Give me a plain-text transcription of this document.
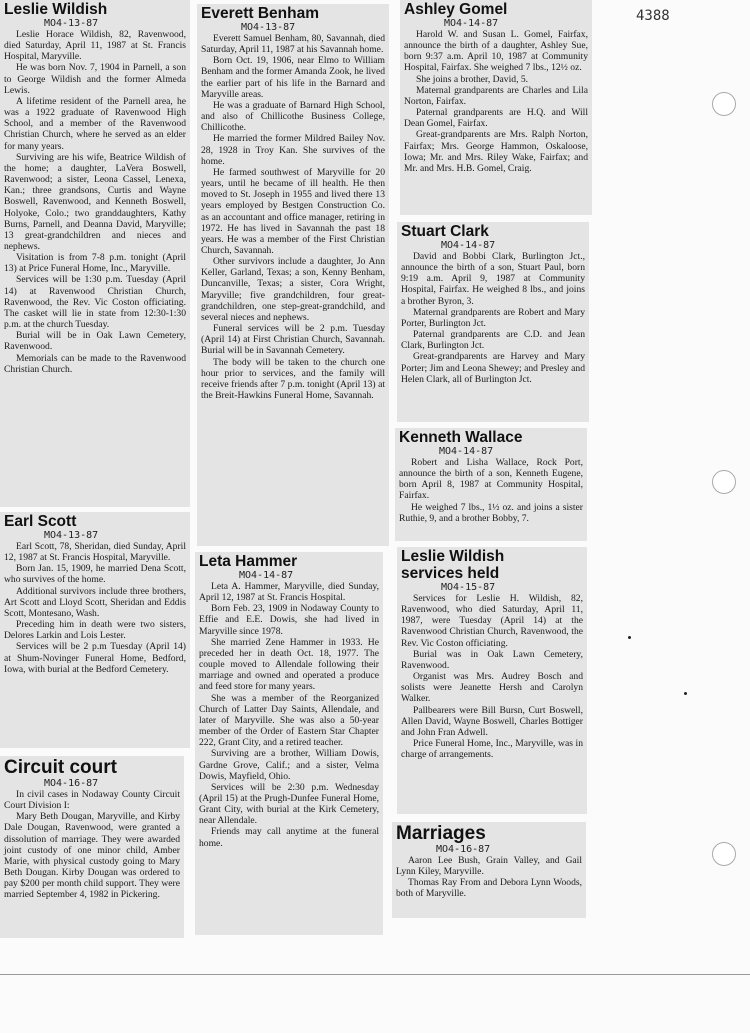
4388
Leslie Wildish
MO4-13-87

Leslie Horace Wildish, 82, Ravenwood, died Saturday, April 11, 1987 at St. Francis Hospital, Maryville.

He was born Nov. 7, 1904 in Parnell, a son to George Wildish and the former Almeda Lewis.

A lifetime resident of the Parnell area, he was a 1922 graduate of Ravenwood High School, and a member of the Ravenwood Christian Church, where he served as an elder for many years.

Surviving are his wife, Beatrice Wildish of the home; a daughter, LaVera Boswell, Ravenwood; a sister, Leona Cassel, Lenexa, Kan.; three grandsons, Curtis and Wayne Boswell, Ravenwood, and Kenneth Boswell, Holyoke, Colo.; two granddaughters, Kathy Burns, Parnell, and Deanna David, Maryville; 13 great-grandchildren and nieces and nephews.

Visitation is from 7-8 p.m. tonight (April 13) at Price Funeral Home, Inc., Maryville.

Services will be 1:30 p.m. Tuesday (April 14) at Ravenwood Christian Church, Ravenwood, the Rev. Vic Coston officiating. The casket will lie in state from 12:30-1:30 p.m. at the church Tuesday.

Burial will be in Oak Lawn Cemetery, Ravenwood.

Memorials can be made to the Ravenwood Christian Church.

Earl Scott
MO4-13-87

Earl Scott, 78, Sheridan, died Sunday, April 12, 1987 at St. Francis Hospital, Maryville.

Born Jan. 15, 1909, he married Dena Scott, who survives of the home.

Additional survivors include three brothers, Art Scott and Lloyd Scott, Sheridan and Eddis Scott, Montesano, Wash.

Preceding him in death were two sisters, Delores Larkin and Lois Lester.

Services will be 2 p.m Tuesday (April 14) at Shum-Novinger Funeral Home, Bedford, Iowa, with burial at the Bedford Cemetery.

Circuit court
MO4-16-87

In civil cases in Nodaway County Circuit Court Division I:

Mary Beth Dougan, Maryville, and Kirby Dale Dougan, Ravenwood, were granted a dissolution of marriage. They were awarded joint custody of one minor child, Amber Marie, with physical custody going to Mary Beth Dougan. Kirby Dougan was ordered to pay $200 per month child support. They were married September 4, 1982 in Pickering.

Everett Benham
MO4-13-87

Everett Samuel Benham, 80, Savannah, died Saturday, April 11, 1987 at his Savannah home.

Born Oct. 19, 1906, near Elmo to William Benham and the former Amanda Zook, he lived the earlier part of his life in the Barnard and Maryville areas.

He was a graduate of Barnard High School, and also of Chillicothe Business College, Chillicothe.

He married the former Mildred Bailey Nov. 28, 1928 in Troy Kan. She survives of the home.

He farmed southwest of Maryville for 20 years, until he became of ill health. He then moved to St. Joseph in 1955 and lived there 13 years employed by Bestgen Construction Co. as an accountant and office manager, retiring in 1972. He has lived in Savannah the past 18 years. He was a member of the First Christian Church, Savannah.

Other survivors include a daughter, Jo Ann Keller, Garland, Texas; a son, Kenny Benham, Duncanville, Texas; a sister, Cora Wright, Maryville; five grandchildren, four great-grandchildren, one step-great-grandchild, and several nieces and nephews.

Funeral services will be 2 p.m. Tuesday (April 14) at First Christian Church, Savannah. Burial will be in Savannah Cemetery.

The body will be taken to the church one hour prior to services, and the family will receive friends after 7 p.m. tonight (April 13) at the Breit-Hawkins Funeral Home, Savannah.

Leta Hammer
MO4-14-87

Leta A. Hammer, Maryville, died Sunday, April 12, 1987 at St. Francis Hospital.

Born Feb. 23, 1909 in Nodaway County to Effie and E.E. Dowis, she had lived in Maryville since 1978.

She married Zene Hammer in 1933. He preceded her in death Oct. 18, 1977. The couple moved to Allendale following their marriage and owned and operated a produce and feed store for many years.

She was a member of the Reorganized Church of Latter Day Saints, Allendale, and later of Maryville. She was also a 50-year member of the Order of Eastern Star Chapter 222, Grant City, and a retired teacher.

Surviving are a brother, William Dowis, Gardne Grove, Calif.; and a sister, Velma Dowis, Mayfield, Ohio.

Services will be 2:30 p.m. Wednesday (April 15) at the Prugh-Dunfee Funeral Home, Grant City, with burial at the Kirk Cemetery, near Allendale.

Friends may call anytime at the funeral home.

Ashley Gomel
MO4-14-87

Harold W. and Susan L. Gomel, Fairfax, announce the birth of a daughter, Ashley Sue, born 9:37 a.m. April 10, 1987 at Community Hospital, Fairfax. She weighed 7 lbs., 12½ oz.

She joins a brother, David, 5.

Maternal grandparents are Charles and Lila Norton, Fairfax.

Paternal grandparents are H.Q. and Will Dean Gomel, Fairfax.

Great-grandparents are Mrs. Ralph Norton, Fairfax; Mrs. George Hammon, Oskaloose, Iowa; Mr. and Mrs. Riley Wake, Fairfax; and Mr. and Mrs. H.B. Gomel, Craig.

Stuart Clark
MO4-14-87

David and Bobbi Clark, Burlington Jct., announce the birth of a son, Stuart Paul, born 9:19 a.m. April 9, 1987 at Community Hospital, Fairfax. He weighed 8 lbs., and joins a brother Byron, 3.

Maternal grandparents are Robert and Mary Porter, Burlington Jct.

Paternal grandparents are C.D. and Jean Clark, Burlington Jct.

Great-grandparents are Harvey and Mary Porter; Jim and Leona Shewey; and Presley and Helen Clark, all of Burlington Jct.

Kenneth Wallace
MO4-14-87

Robert and Lisha Wallace, Rock Port, announce the birth of a son, Kenneth Eugene, born April 8, 1987 at Community Hospital, Fairfax.

He weighed 7 lbs., 1½ oz. and joins a sister Ruthie, 9, and a brother Bobby, 7.

Leslie Wildish
services held
MO4-15-87

Services for Leslie H. Wildish, 82, Ravenwood, who died Saturday, April 11, 1987, were Tuesday (April 14) at the Ravenwood Christian Church, Ravenwood, the Rev. Vic Coston officiating.

Burial was in Oak Lawn Cemetery, Ravenwood.

Organist was Mrs. Audrey Bosch and solists were Jeanette Hersh and Carolyn Walker.

Pallbearers were Bill Bursn, Curt Boswell, Allen David, Wayne Boswell, Charles Bottiger and John Fran Adwell.

Price Funeral Home, Inc., Maryville, was in charge of arrangements.

Marriages
MO4-16-87

Aaron Lee Bush, Grain Valley, and Gail Lynn Kiley, Maryville.

Thomas Ray From and Debora Lynn Woods, both of Maryville.
